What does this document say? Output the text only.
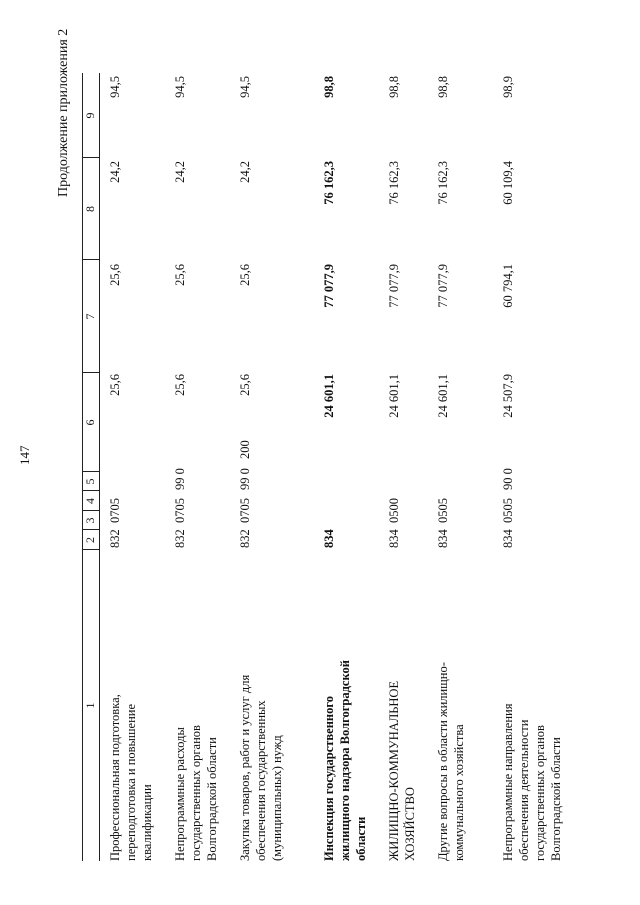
147
Продолжение приложения 2
1
2
3
4
5
6
7
8
9
Профессиональная подготовка, переподготовка и повышение квалификации
832
0705
25,6
25,6
24,2
94,5
Непрограммные расходы государственных органов Волгоградской области
832
0705
99 0
25,6
25,6
24,2
94,5
Закупка товаров, работ и услуг для обеспечения государственных (муниципальных) нужд
832
0705
99 0
200
25,6
25,6
24,2
94,5
Инспекция государственного жилищного надзора Волгоградской области
834
24 601,1
77 077,9
76 162,3
98,8
ЖИЛИЩНО-КОММУНАЛЬНОЕ ХОЗЯЙСТВО
834
0500
24 601,1
77 077,9
76 162,3
98,8
Другие вопросы в области жилищно-коммунального хозяйства
834
0505
24 601,1
77 077,9
76 162,3
98,8
Непрограммные направления обеспечения деятельности государственных органов Волгоградской области
834
0505
90 0
24 507,9
60 794,1
60 109,4
98,9
